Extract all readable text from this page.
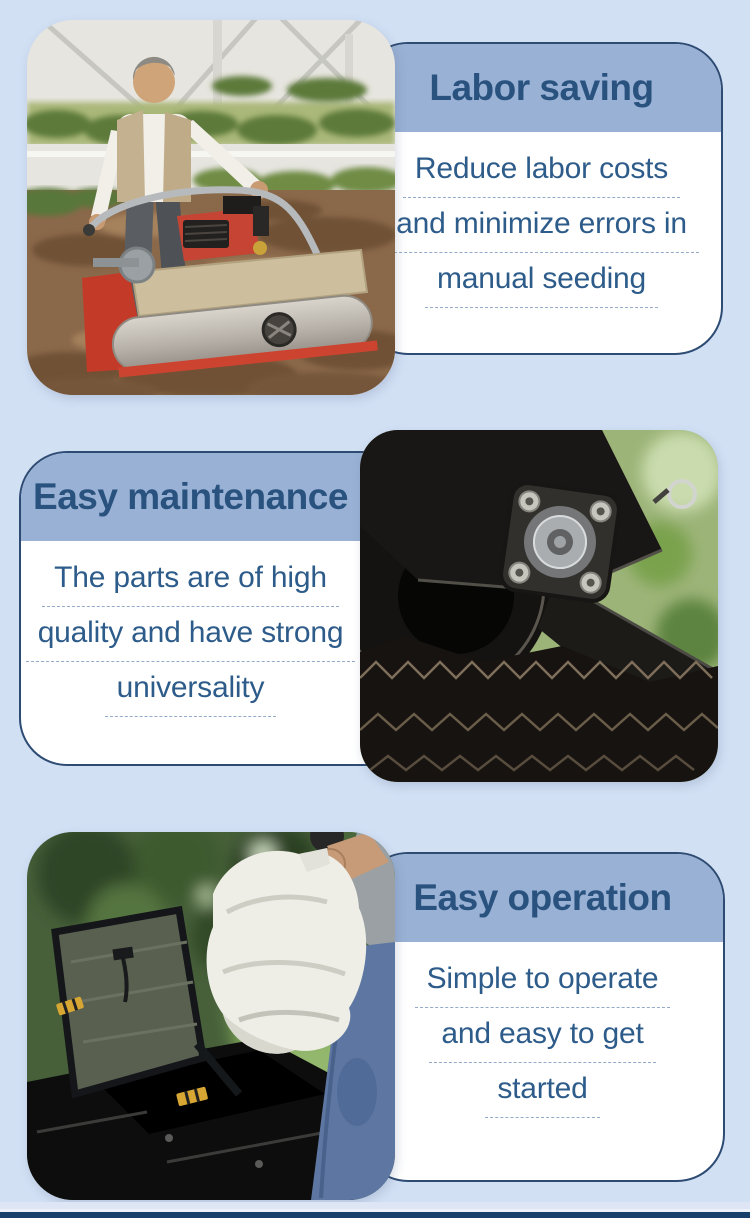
Labor saving
Reduce labor costs
and minimize errors in
manual seeding
Easy maintenance
The parts are of high
quality and have strong
universality
Easy operation
Simple to operate
and easy to get
started
